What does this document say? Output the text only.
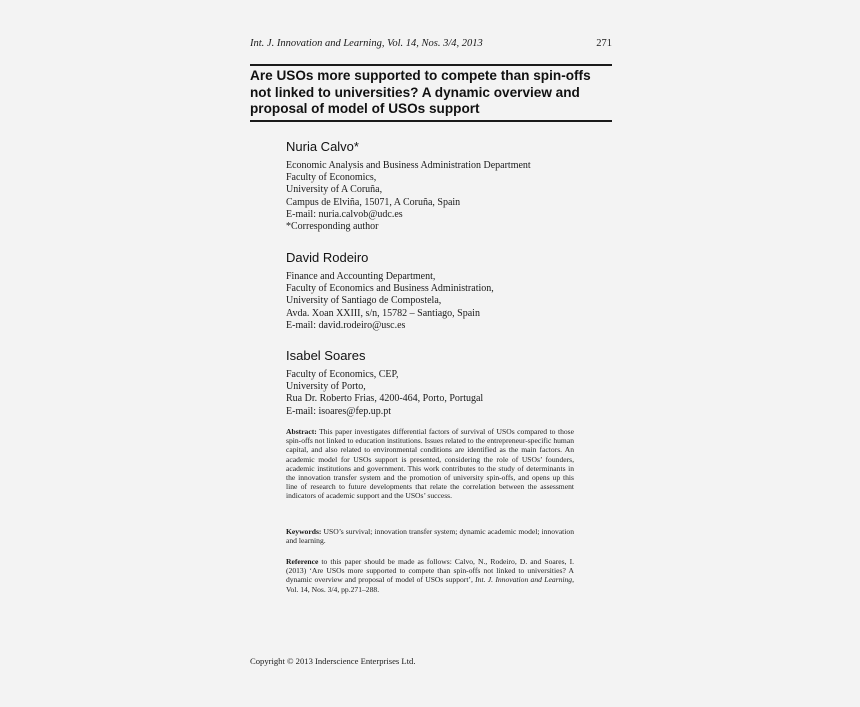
Int. J. Innovation and Learning, Vol. 14, Nos. 3/4, 2013	271
Are USOs more supported to compete than spin-offs not linked to universities? A dynamic overview and proposal of model of USOs support
Nuria Calvo*
Economic Analysis and Business Administration Department
Faculty of Economics,
University of A Coruña,
Campus de Elviña, 15071, A Coruña, Spain
E-mail: nuria.calvob@udc.es
*Corresponding author
David Rodeiro
Finance and Accounting Department,
Faculty of Economics and Business Administration,
University of Santiago de Compostela,
Avda. Xoan XXIII, s/n, 15782 – Santiago, Spain
E-mail: david.rodeiro@usc.es
Isabel Soares
Faculty of Economics, CEP,
University of Porto,
Rua Dr. Roberto Frias, 4200-464, Porto, Portugal
E-mail: isoares@fep.up.pt
Abstract: This paper investigates differential factors of survival of USOs compared to those spin-offs not linked to education institutions. Issues related to the entrepreneur-specific human capital, and also related to environmental conditions are identified as the main factors. An academic model for USOs support is presented, considering the role of USOs’ founders, academic institutions and government. This work contributes to the study of determinants in the innovation transfer system and the promotion of university spin-offs, and opens up this line of research to future developments that relate the correlation between the assessment indicators of academic support and the USOs’ success.
Keywords: USO’s survival; innovation transfer system; dynamic academic model; innovation and learning.
Reference to this paper should be made as follows: Calvo, N., Rodeiro, D. and Soares, I. (2013) ‘Are USOs more supported to compete than spin-offs not linked to universities? A dynamic overview and proposal of model of USOs support’, Int. J. Innovation and Learning, Vol. 14, Nos. 3/4, pp.271–288.
Copyright © 2013 Inderscience Enterprises Ltd.
